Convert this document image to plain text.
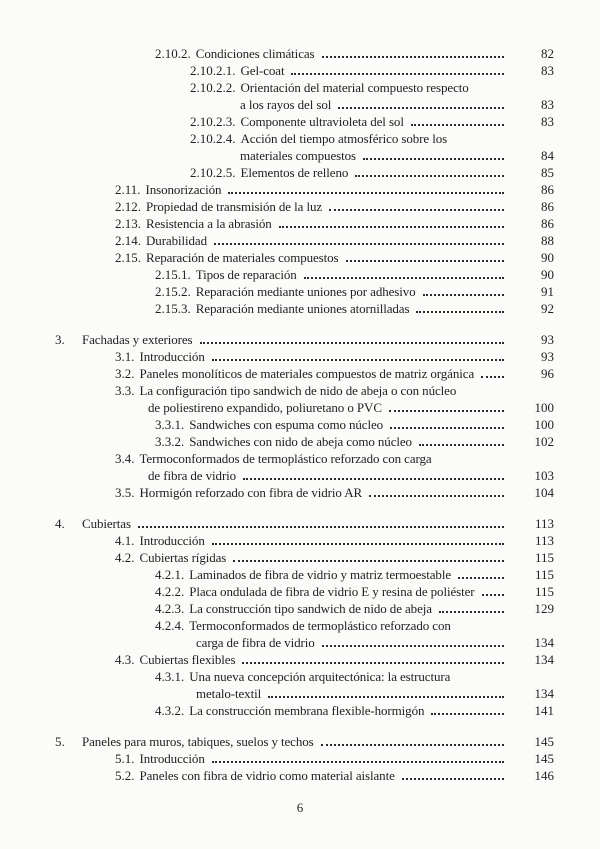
2.10.2. Condiciones climáticas	82
2.10.2.1. Gel-coat	83
2.10.2.2. Orientación del material compuesto respecto
a los rayos del sol	83
2.10.2.3. Componente ultravioleta del sol	83
2.10.2.4. Acción del tiempo atmosférico sobre los
materiales compuestos	84
2.10.2.5. Elementos de relleno	85
2.11. Insonorización	86
2.12. Propiedad de transmisión de la luz	86
2.13. Resistencia a la abrasión	86
2.14. Durabilidad	88
2.15. Reparación de materiales compuestos	90
2.15.1. Tipos de reparación	90
2.15.2. Reparación mediante uniones por adhesivo	91
2.15.3. Reparación mediante uniones atornilladas	92
3.	Fachadas y exteriores	93
3.1. Introducción	93
3.2. Paneles monolíticos de materiales compuestos de matriz orgánica	96
3.3. La configuración tipo sandwich de nido de abeja o con núcleo
de poliestireno expandido, poliuretano o PVC	100
3.3.1. Sandwiches con espuma como núcleo	100
3.3.2. Sandwiches con nido de abeja como núcleo	102
3.4. Termoconformados de termoplástico reforzado con carga
de fibra de vidrio	103
3.5. Hormigón reforzado con fibra de vidrio AR	104
4.	Cubiertas	113
4.1. Introducción	113
4.2. Cubiertas rígidas	115
4.2.1. Laminados de fibra de vidrio y matriz termoestable	115
4.2.2. Placa ondulada de fibra de vidrio E y resina de poliéster	115
4.2.3. La construcción tipo sandwich de nido de abeja	129
4.2.4. Termoconformados de termoplástico reforzado con
carga de fibra de vidrio	134
4.3. Cubiertas flexibles	134
4.3.1. Una nueva concepción arquitectónica: la estructura
metalo-textil	134
4.3.2. La construcción membrana flexible-hormigón	141
5.	Paneles para muros, tabiques, suelos y techos	145
5.1. Introducción	145
5.2. Paneles con fibra de vidrio como material aislante	146
6
